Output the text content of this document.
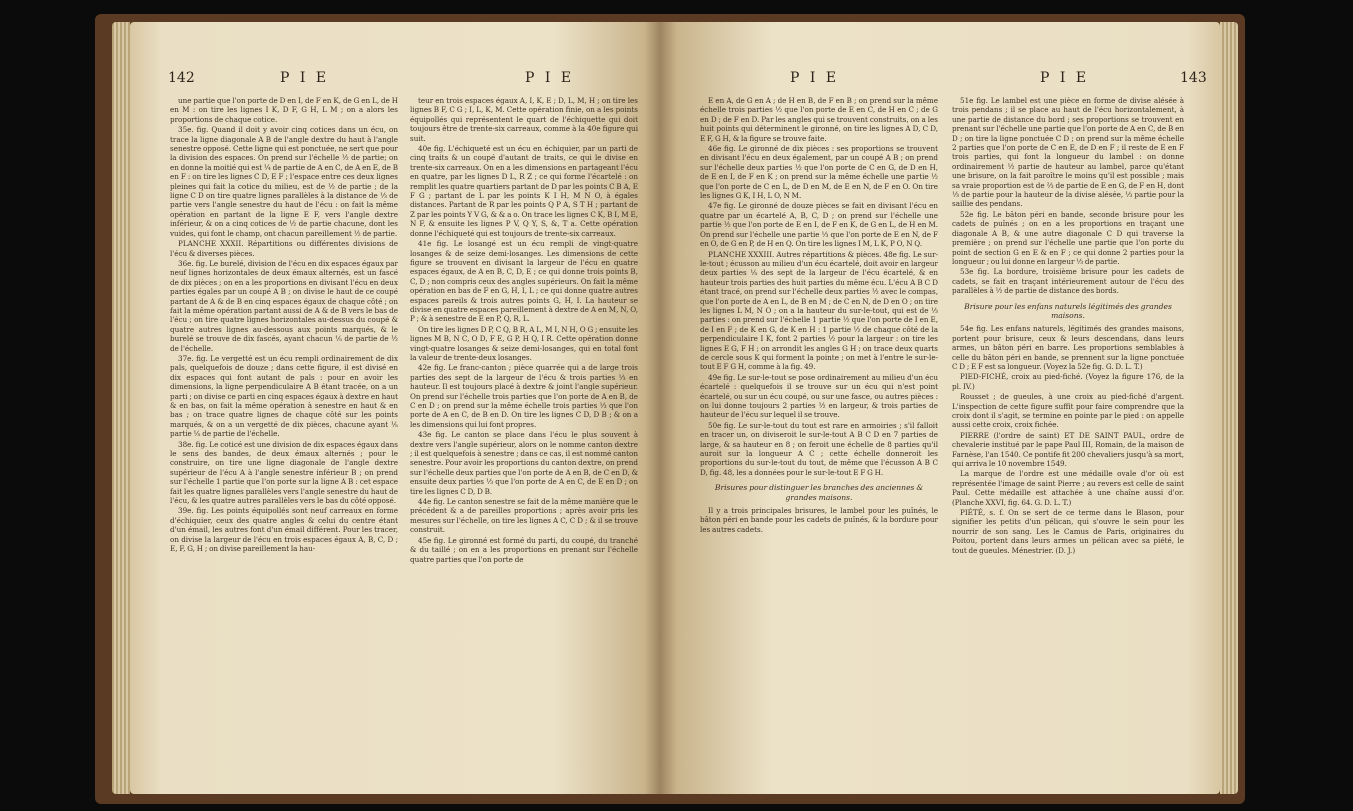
142	P I E	P I E

une partie que l'on porte de D en I, de F en K, de G en L, de H en M : on tire les lignes I K, D F, G H, L M ; on a alors les proportions de chaque cotice.

35e. fig. Quand il doit y avoir cinq cotices dans un écu, on trace la ligne diagonale A B de l'angle dextre du haut à l'angle senestre opposé. Cette ligne qui est ponctuée, ne sert que pour la division des espaces. On prend sur l'échelle ½ de partie; on en donne la moitié qui est ¼ de partie de A en C, de A en E, de B en F : on tire les lignes C D, E F ; l'espace entre ces deux lignes pleines qui fait la cotice du milieu, est de ½ de partie ; de la ligne C D on tire quatre lignes parallèles à la distance de ⅓ de partie vers l'angle senestre du haut de l'écu : on fait la même opération en partant de la ligne E F, vers l'angle dextre inférieur, & on a cinq cotices de ½ de partie chacune, dont les vuides, qui font le champ, ont chacun pareillement ½ de partie.

PLANCHE XXXII. Répartitions ou différentes divisions de l'écu & diverses pièces.

36e. fig. Le burelé, division de l'écu en dix espaces égaux par neuf lignes horizontales de deux émaux alternés, est un fascé de dix pièces ; on en a les proportions en divisant l'écu en deux parties égales par un coupé A B ; on divise le haut de ce coupé partant de A & de B en cinq espaces égaux de chaque côté ; on fait la même opération partant aussi de A & de B vers le bas de l'écu ; on tire quatre lignes horizontales au-dessus du coupé & quatre autres lignes au-dessous aux points marqués, & le burelé se trouve de dix fascés, ayant chacun ⅕ de partie de ½ de l'échelle.

37e. fig. Le vergetté est un écu rempli ordinairement de dix pals, quelquefois de douze ; dans cette figure, il est divisé en dix espaces qui font autant de pals : pour en avoir les dimensions, la ligne perpendiculaire A B étant tracée, on a un parti ; on divise ce parti en cinq espaces égaux à dextre en haut & en bas, on fait la même opération à senestre en haut & en bas ; on trace quatre lignes de chaque côté sur les points marqués, & on a un vergetté de dix pièces, chacune ayant ⅕ partie ⅕ de partie de l'échelle.

38e. fig. Le coticé est une division de dix espaces égaux dans le sens des bandes, de deux émaux alternés ; pour le construire, on tire une ligne diagonale de l'angle dextre supérieur de l'écu A à l'angle senestre inférieur B ; on prend sur l'échelle 1 partie que l'on porte sur la ligne A B : cet espace fait les quatre lignes parallèles vers l'angle senestre du haut de l'écu, & les quatre autres parallèles vers le bas du côté opposé.

39e. fig. Les points équipollés sont neuf carreaux en forme d'échiquier, ceux des quatre angles & celui du centre étant d'un émail, les autres font d'un émail différent. Pour les tracer, on divise la largeur de l'écu en trois espaces égaux A, B, C, D ; E, F, G, H ; on divise pareillement la hau-

teur en trois espaces égaux A, I, K, E ; D, L, M, H ; on tire les lignes B F, C G ; I, L, K, M. Cette opération finie, on a les points équipollés qui représentent le quart de l'échiquette qui doit toujours être de trente-six carreaux, comme à la 40e figure qui suit.

40e fig. L'échiqueté est un écu en échiquier, par un parti de cinq traits & un coupé d'autant de traits, ce qui le divise en trente-six carreaux. On en a les dimensions en partageant l'écu en quatre, par les lignes D L, R Z ; ce qui forme l'écartelé : on remplit les quatre quartiers partant de D par les points C B A, E F G ; partant de L par les points K I H, M N O, à égales distances. Partant de R par les points Q P A, S T H ; partant de Z par les points Y V G, & & a o. On trace les lignes C K, B I, M E, N F, & ensuite les lignes P V, Q Y, S, &, T a. Cette opération donne l'échiqueté qui est toujours de trente-six carreaux.

41e fig. Le losangé est un écu rempli de vingt-quatre losanges & de seize demi-losanges. Les dimensions de cette figure se trouvent en divisant la largeur de l'écu en quatre espaces égaux, de A en B, C, D, E ; ce qui donne trois points B, C, D ; non compris ceux des angles supérieurs. On fait la même opération en bas de F en G, H, I, L ; ce qui donne quatre autres espaces pareils & trois autres points G, H, I. La hauteur se divise en quatre espaces pareillement à dextre de A en M, N, O, P ; & à senestre de E en P, Q, R, L.

On tire les lignes D P, C Q, B R, A L, M I, N H, O G ; ensuite les lignes M B, N C, O D, F E, G P, H Q, I R. Cette opération donne vingt-quatre losanges & seize demi-losanges, qui en total font la valeur de trente-deux losanges.

42e fig. Le franc-canton ; pièce quarrée qui a de large trois parties des sept de la largeur de l'écu & trois parties ⅓ en hauteur. Il est toujours placé à dextre & joint l'angle supérieur. On prend sur l'échelle trois parties que l'on porte de A en B, de C en D ; on prend sur la même échelle trois parties ⅓ que l'on porte de A en C, de B en D. On tire les lignes C D, D B ; & on a les dimensions qui lui font propres.

43e fig. Le canton se place dans l'écu le plus souvent à dextre vers l'angle supérieur, alors on le nomme canton dextre ; il est quelquefois à senestre ; dans ce cas, il est nommé canton senestre. Pour avoir les proportions du canton dextre, on prend sur l'échelle deux parties que l'on porte de A en B, de C en D, & ensuite deux parties ⅓ que l'on porte de A en C, de E en D ; on tire les lignes C D, D B.

44e fig. Le canton senestre se fait de la même manière que le précédent & a de pareilles proportions ; après avoir pris les mesures sur l'échelle, on tire les lignes A C, C D ; & il se trouve construit.

45e fig. Le gironné est formé du parti, du coupé, du tranché & du taillé ; on en a les proportions en prenant sur l'échelle quatre parties que l'on porte de

P I E	P I E	143

E en A, de G en A ; de H en B, de F en B ; on prend sur la même échelle trois parties ½ que l'on porte de E en C, de H en C ; de G en D ; de F en D. Par les angles qui se trouvent construits, on a les huit points qui déterminent le gironné, on tire les lignes A D, C D, E F, G H, & la figure se trouve faite.

46e fig. Le gironné de dix pièces : ses proportions se trouvent en divisant l'écu en deux également, par un coupé A B ; on prend sur l'échelle deux parties ½ que l'on porte de C en G, de D en H, de E en I, de F en K ; on prend sur la même échelle une partie ½ que l'on porte de C en L, de D en M, de E en N, de F en O. On tire les lignes G K, I H, L O, N M.

47e fig. Le gironné de douze pièces se fait en divisant l'écu en quatre par un écartelé A, B, C, D ; on prend sur l'échelle une partie ½ que l'on porte de E en I, de F en K, de G en L, de H en M. On prend sur l'échelle une partie ⅓ que l'on porte de E en N, de F en O, de G en P, de H en Q. On tire les lignes I M, L K, P O, N Q.

PLANCHE XXXIII. Autres répartitions & pièces. 48e fig. Le sur-le-tout ; écusson au milieu d'un écu écartelé, doit avoir en largeur deux parties ⅕ des sept de la largeur de l'écu écartelé, & en hauteur trois parties des huit parties du même écu. L'écu A B C D étant tracé, on prend sur l'échelle deux parties ½ avec le compas, que l'on porte de A en L, de B en M ; de C en N, de D en O ; on tire les lignes L M, N O ; on a la hauteur du sur-le-tout, qui est de ⅓ parties : on prend sur l'échelle 1 partie ½ que l'on porte de I en E, de I en F ; de K en G, de K en H : 1 partie ½ de chaque côté de la perpendiculaire I K, font 2 parties ½ pour la largeur : on tire les lignes E G, F H ; on arrondit les angles G H ; on trace deux quarts de cercle sous K qui forment la pointe ; on met à l'entre le sur-le-tout E F G H, comme à la fig. 49.

49e fig. Le sur-le-tout se pose ordinairement au milieu d'un écu écartelé : quelquefois il se trouve sur un écu qui n'est point écartelé, ou sur un écu coupé, ou sur une fasce, ou autres pièces : on lui donne toujours 2 parties ½ en largeur, & trois parties de hauteur de l'écu sur lequel il se trouve.

50e fig. Le sur-le-tout du tout est rare en armoiries ; s'il falloit en tracer un, on diviseroit le sur-le-tout A B C D en 7 parties de large, & sa hauteur en 8 ; on feroit une échelle de 8 parties qu'il auroit sur la longueur A C ; cette échelle donneroit les proportions du sur-le-tout du tout, de même que l'écusson A B C D, fig. 48, les a données pour le sur-le-tout E F G H.

Brisures pour distinguer les branches des anciennes & grandes maisons.

Il y a trois principales brisures, le lambel pour les puînés, le bâton péri en bande pour les cadets de puînés, & la bordure pour les autres cadets.

51e fig. Le lambel est une pièce en forme de divise alésée à trois pendans ; il se place au haut de l'écu horizontalement, à une partie de distance du bord ; ses proportions se trouvent en prenant sur l'échelle une partie que l'on porte de A en C, de B en D ; on tire la ligne ponctuée C D ; on prend sur la même échelle 2 parties que l'on porte de C en E, de D en F ; il reste de E en F trois parties, qui font la longueur du lambel : on donne ordinairement ½ partie de hauteur au lambel, parce qu'étant une brisure, on la fait paroître le moins qu'il est possible ; mais sa vraie proportion est de ⅔ de partie de E en G, de F en H, dont ⅓ de partie pour la hauteur de la divise alésée, ⅓ partie pour la saillie des pendans.

52e fig. Le bâton péri en bande, seconde brisure pour les cadets de puînés ; on en a les proportions en traçant une diagonale A B, & une autre diagonale C D qui traverse la première ; on prend sur l'échelle une partie que l'on porte du point de section G en E & en F ; ce qui donne 2 parties pour la longueur ; ou lui donne en largeur ⅓ de partie.

53e fig. La bordure, troisième brisure pour les cadets de cadets, se fait en traçant intérieurement autour de l'écu des parallèles à ½ de partie de distance des bords.

Brisure pour les enfans naturels légitimés des grandes maisons.

54e fig. Les enfans naturels, légitimés des grandes maisons, portent pour brisure, ceux & leurs descendans, dans leurs armes, un bâton péri en barre. Les proportions semblables à celle du bâton péri en bande, se prennent sur la ligne ponctuée C D ; E F est sa longueur. (Voyez la 52e fig. G. D. L. T.)

PIED-FICHÉ, croix au pied-fiché. (Voyez la figure 176, de la pl. IV.)

Rousset ; de gueules, à une croix au pied-fiché d'argent. L'inspection de cette figure suffit pour faire comprendre que la croix dont il s'agit, se termine en pointe par le pied : on appelle aussi cette croix, croix fichée.

PIERRE (l'ordre de saint) ET DE SAINT PAUL, ordre de chevalerie institué par le pape Paul III, Romain, de la maison de Farnèse, l'an 1540. Ce pontife fit 200 chevaliers jusqu'à sa mort, qui arriva le 10 novembre 1549.

La marque de l'ordre est une médaille ovale d'or où est représentée l'image de saint Pierre ; au revers est celle de saint Paul. Cette médaille est attachée à une chaîne aussi d'or. (Planche XXVI, fig. 64. G. D. L. T.)

PIÉTÉ, s. f. On se sert de ce terme dans le Blason, pour signifier les petits d'un pélican, qui s'ouvre le sein pour les nourrir de son sang. Les le Camus de Paris, originaires du Poitou, portent dans leurs armes un pélican avec sa piété, le tout de gueules. Ménestrier. (D. J.)
